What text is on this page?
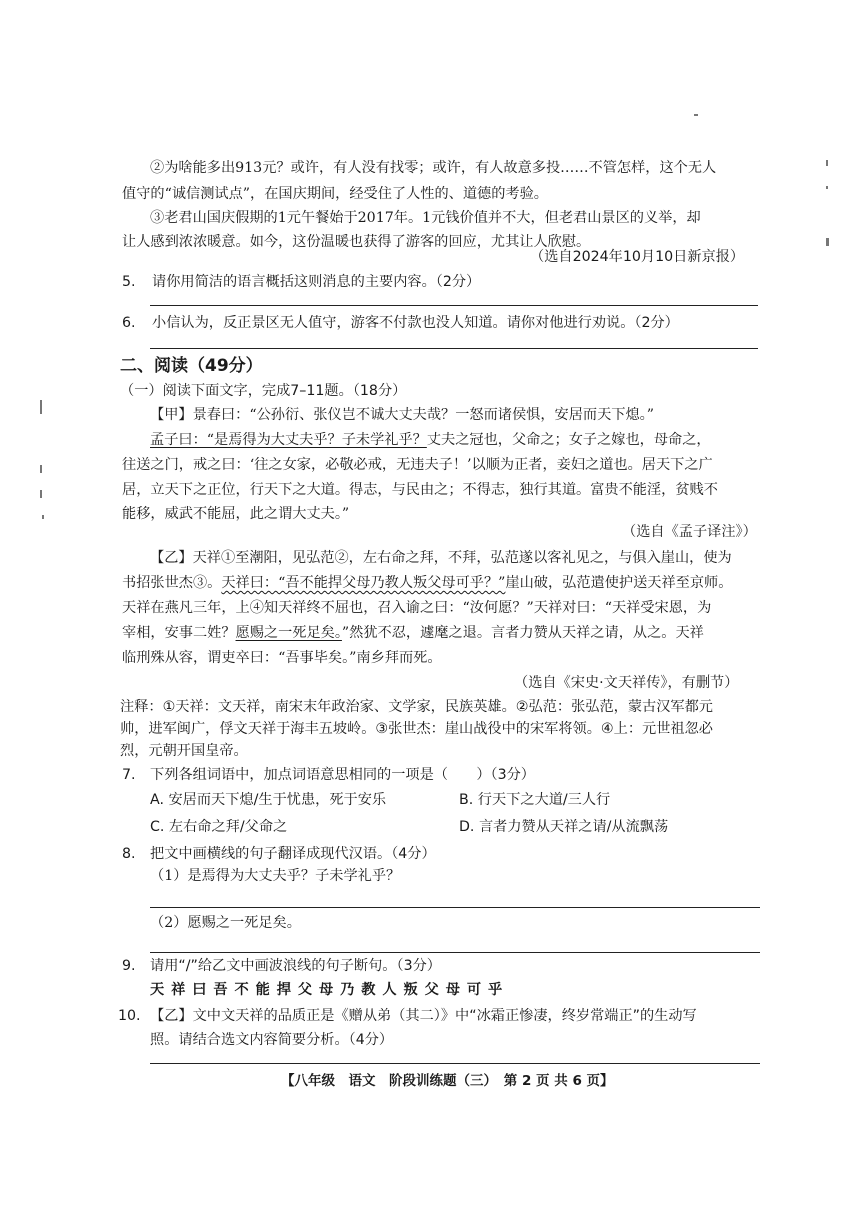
②为啥能多出913元？或许，有人没有找零；或许，有人故意多投……不管怎样，这个无人
值守的“诚信测试点”，在国庆期间，经受住了人性的、道德的考验。
③老君山国庆假期的1元午餐始于2017年。1元钱价值并不大，但老君山景区的义举，却
让人感到浓浓暖意。如今，这份温暖也获得了游客的回应，尤其让人欣慰。
（选自2024年10月10日新京报）
5. 请你用简洁的语言概括这则消息的主要内容。（2分）
6. 小信认为，反正景区无人值守，游客不付款也没人知道。请你对他进行劝说。（2分）
二、阅读（49分）
（一）阅读下面文字，完成7–11题。（18分）
【甲】景春曰：“公孙衍、张仪岂不诚大丈夫哉？一怒而诸侯惧，安居而天下熄。”
孟子曰：“是焉得为大丈夫乎？子未学礼乎？丈夫之冠也，父命之；女子之嫁也，母命之，
往送之门，戒之曰：‘往之女家，必敬必戒，无违夫子！’以顺为正者，妾妇之道也。居天下之广
居，立天下之正位，行天下之大道。得志，与民由之；不得志，独行其道。富贵不能淫，贫贱不
能移，威武不能屈，此之谓大丈夫。”
（选自《孟子译注》）
【乙】天祥①至潮阳，见弘范②，左右命之拜，不拜，弘范遂以客礼见之，与俱入崖山，使为
书招张世杰③。天祥曰：“吾不能捍父母乃教人叛父母可乎？”崖山破，弘范遣使护送天祥至京师。
天祥在燕凡三年，上④知天祥终不屈也，召入谕之曰：“汝何愿？”天祥对曰：“天祥受宋恩，为
宰相，安事二姓？愿赐之一死足矣。”然犹不忍，遽麾之退。言者力赞从天祥之请，从之。天祥
临刑殊从容，谓吏卒曰：“吾事毕矣。”南乡拜而死。
（选自《宋史·文天祥传》，有删节）
注释：①天祥：文天祥，南宋末年政治家、文学家，民族英雄。②弘范：张弘范，蒙古汉军都元
帅，进军闽广，俘文天祥于海丰五坡岭。③张世杰：崖山战役中的宋军将领。④上：元世祖忽必
烈，元朝开国皇帝。
7. 下列各组词语中，加点词语意思相同的一项是（　　）（3分）
A. 安居而天下熄/生于忧患，死于安乐	B. 行天下之大道/三人行
C. 左右命之拜/父命之	D. 言者力赞从天祥之请/从流飘荡
8. 把文中画横线的句子翻译成现代汉语。（4分）
（1）是焉得为大丈夫乎？子未学礼乎？
（2）愿赐之一死足矣。
9. 请用“/”给乙文中画波浪线的句子断句。（3分）
天 祥 曰 吾 不 能 捍 父 母 乃 教 人 叛 父 母 可 乎
10. 【乙】文中文天祥的品质正是《赠从弟（其二）》中“冰霜正惨凄，终岁常端正”的生动写
照。请结合选文内容简要分析。（4分）
【八年级　语文　阶段训练题（三）　第 2 页 共 6 页】
